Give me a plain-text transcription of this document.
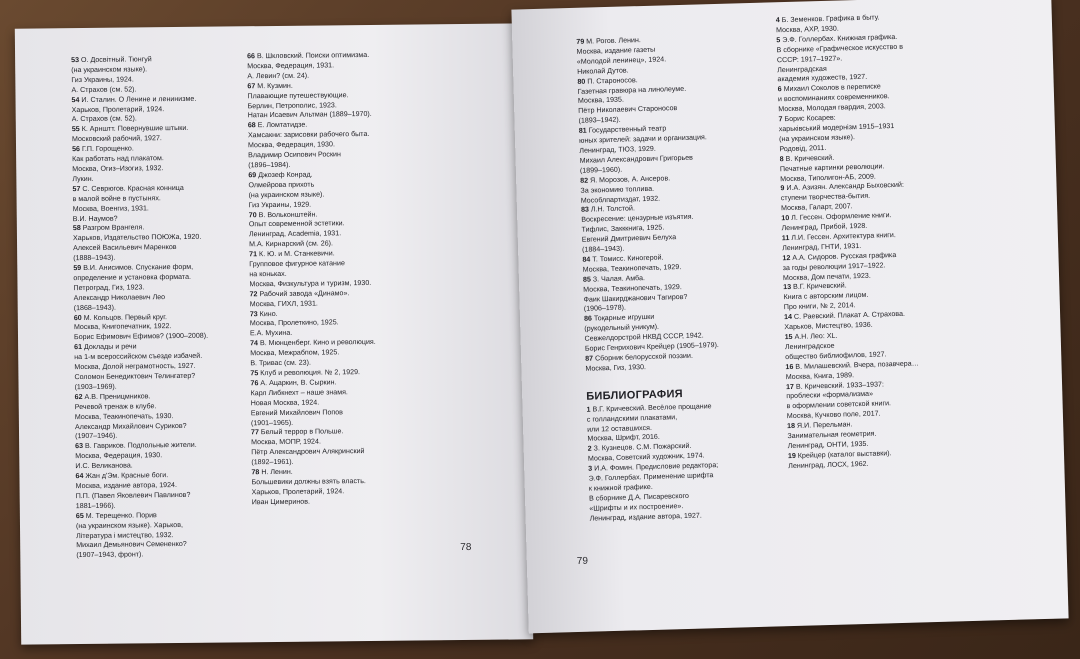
53 О. Досвітный. Тюнгуй

(на украинском языке).

Гиз Украины, 1924.

А. Страхов (см. 52).

54 И. Сталин. О Ленине и ленинизме.

Харьков, Пролетарий, 1924.

А. Страхов (см. 52).

55 К. Арнштт. Повернувшие штыки.

Московский рабочий, 1927.

56 Г.П. Горощенко.

Как работать над плакатом.

Москва, Огиз–Изогиз, 1932.

Лукин.

57 С. Севрюгов. Красная конница

в малой войне в пустынях.

Москва, Военгиз, 1931.

В.И. Наумов?

58 Разгром Врангеля.

Харьков, Издательство ПОЮЖа, 1920.

Алексей Васильевич Маренков

(1888–1943).

59 В.И. Анисимов. Спускание форм,

определение и установка формата.

Петроград, Гиз, 1923.

Александр Николаевич Лео

(1868–1943).

60 М. Кольцов. Первый круг.

Москва, Книгопечатник, 1922.

Борис Ефимович Ефимов? (1900–2008).

61 Доклады и речи

на 1-м всероссийском съезде избачей.

Москва, Долой неграмотность, 1927.

Соломон Бенедиктович Телингатер?

(1903–1969).

62 А.В. Преницмников.

Речевой тренаж в клубе.

Москва, Теакинопечать, 1930.

Александр Михайлович Суриков?

(1907–1946).

63 В. Гавриков. Подпольные жители.

Москва, Федерация, 1930.

И.С. Великанова.

64 Жан д'Эм. Красные боги.

Москва, издание автора, 1924.

П.П. (Павел Яковлевич Павлинов?

1881–1966).

65 М. Терещенко. Порив

(на украинском языке). Харьков,

Література і мистецтво, 1932.

Михаил Демьянович Семененко?

(1907–1943, фронт).

66 В. Шкловский. Поиски оптимизма.

Москва, Федерация, 1931.

А. Левин? (см. 24).

67 М. Кузмин.

Плавающие путешествующие.

Берлин, Петрополис, 1923.

Натан Исаевич Альтман (1889–1970).

68 Е. Ломтатидзе.

Хамсакни: зарисовки рабочего быта.

Москва, Федерация, 1930.

Владимир Осипович Роскин

(1896–1984).

69 Джозеф Конрад.

Олмейрова прихоть

(на украинском языке).

Гиз Украины, 1929.

70 В. Вольконштейн.

Опыт современной эстетики.

Ленинград, Academia, 1931.

М.А. Кирнарский (см. 26).

71 К. Ю. и М. Станкевичи.

Групповое фигурное катание

на коньках.

Москва, Физкультура и туризм, 1930.

72 Рабочий завода «Динамо».

Москва, ГИХЛ, 1931.

73 Кино.

Москва, Пролеткино, 1925.

Е.А. Мухина.

74 В. Мюнценберг. Кино и революция.

Москва, Межрабпом, 1925.

В. Тривас (см. 23).

75 Клуб и революция. № 2, 1929.

76 А. Ацаркин, В. Сыркин.

Карл Либкнехт – наше знамя.

Новая Москва, 1924.

Евгений Михайлович Попов

(1901–1965).

77 Белый террор в Польше.

Москва, МОПР, 1924.

Пётр Александрович Алякринский

(1892–1961).

78 Н. Ленин.

Большевики должны взять власть.

Харьков, Пролетарий, 1924.

Иван Цимеринов.

78

79 М. Рогов. Ленин.

Москва, издание газеты

«Молодой ленинец», 1924.

Николай Дутов.

80 П. Староносов.

Газетная гравюра на линолеуме.

Москва, 1935.

Пётр Николаевич Староносов

(1893–1942).

81 Государственный театр

юных зрителей: задачи и организация.

Ленинград, ТЮЗ, 1929.

Михаил Александрович Григорьев

(1899–1960).

82 Я. Морозов, А. Ансеров.

За экономию топлива.

Мособлпартиздат, 1932.

83 Л.Н. Толстой.

Воскресение: цензурные изъятия.

Тифлис, Закккнига, 1925.

Евгений Дмитриевич Белуха

(1884–1943).

84 Т. Томисс. Киногерой.

Москва, Теакинопечать, 1929.

85 З. Чалая. Амба.

Москва, Теакинопечать, 1929.

Фаик Шакирджанович Тагиров?

(1906–1978).

86 Тоқарные игрушки

(рукодельный уникум).

Севжелдорстрой НКВД СССР, 1942.

Борис Генрихович Крейцер (1905–1979).

87 Сборник белорусской поэзии.

Москва, Гиз, 1930.

БИБЛИОГРАФИЯ

1 В.Г. Кричевский. Весёлое прощание

с голландскими плакатами,

или 12 оставшихся.

Москва, Шрифт, 2016.

2 З. Кузнецов. С.М. Пожарский.

Москва, Советский художник, 1974.

3 И.А. Фомин. Предисловие редактора;

Э.Ф. Голлербах. Применение шрифта

к книжной графике.

В сборнике Д.А. Писаревского

«Шрифты и их построение».

Ленинград, издание автора, 1927.

4 Б. Земенков. Графика в быту.

Москва, АХР, 1930.

5 Э.Ф. Голлербах. Книжная графика.

В сборнике «Графическое искусство в

СССР: 1917–1927».

Ленинградская

академия художеств, 1927.

6 Михаил Соколов в переписке

и воспоминаниях современников.

Москва, Молодая гвардия, 2003.

7 Борис Косарев:

харьківський модернізм 1915–1931

(на украинском языке).

Родовід, 2011.

8 В. Кричевский.

Печатные картинки революции.

Москва, Типолигон-АБ, 2009.

9 И.А. Азизян. Александр Быховский:

ступени творчества-бытия.

Москва, Галарт, 2007.

10 Л. Гессен. Оформление книги.

Ленинград, Прибой, 1928.

11 Л.И. Гессен. Архитектура книги.

Ленинград, ГНТИ, 1931.

12 А.А. Сидоров. Русская графика

за годы революции 1917–1922.

Москва, Дом печати, 1923.

13 В.Г. Кричевский.

Книга с авторским лицом.

Про книги, № 2, 2014.

14 С. Раевский. Плакат А. Страхова.

Харьков, Мистецтво, 1936.

15 А.Н. Лео: XL.

Ленинградское

общество библиофилов, 1927.

16 В. Милашевский. Вчера, позавчера…

Москва, Книга, 1989.

17 В. Кричевский. 1933–1937:

проблески «формализма»

в оформлении советской книги.

Москва, Кучково поле, 2017.

18 Я.И. Перельман.

Занимательная геометрия.

Ленинград, ОНТИ, 1935.

19 Крейцер (каталог выставки).

Ленинград, ЛОСХ, 1962.

79
